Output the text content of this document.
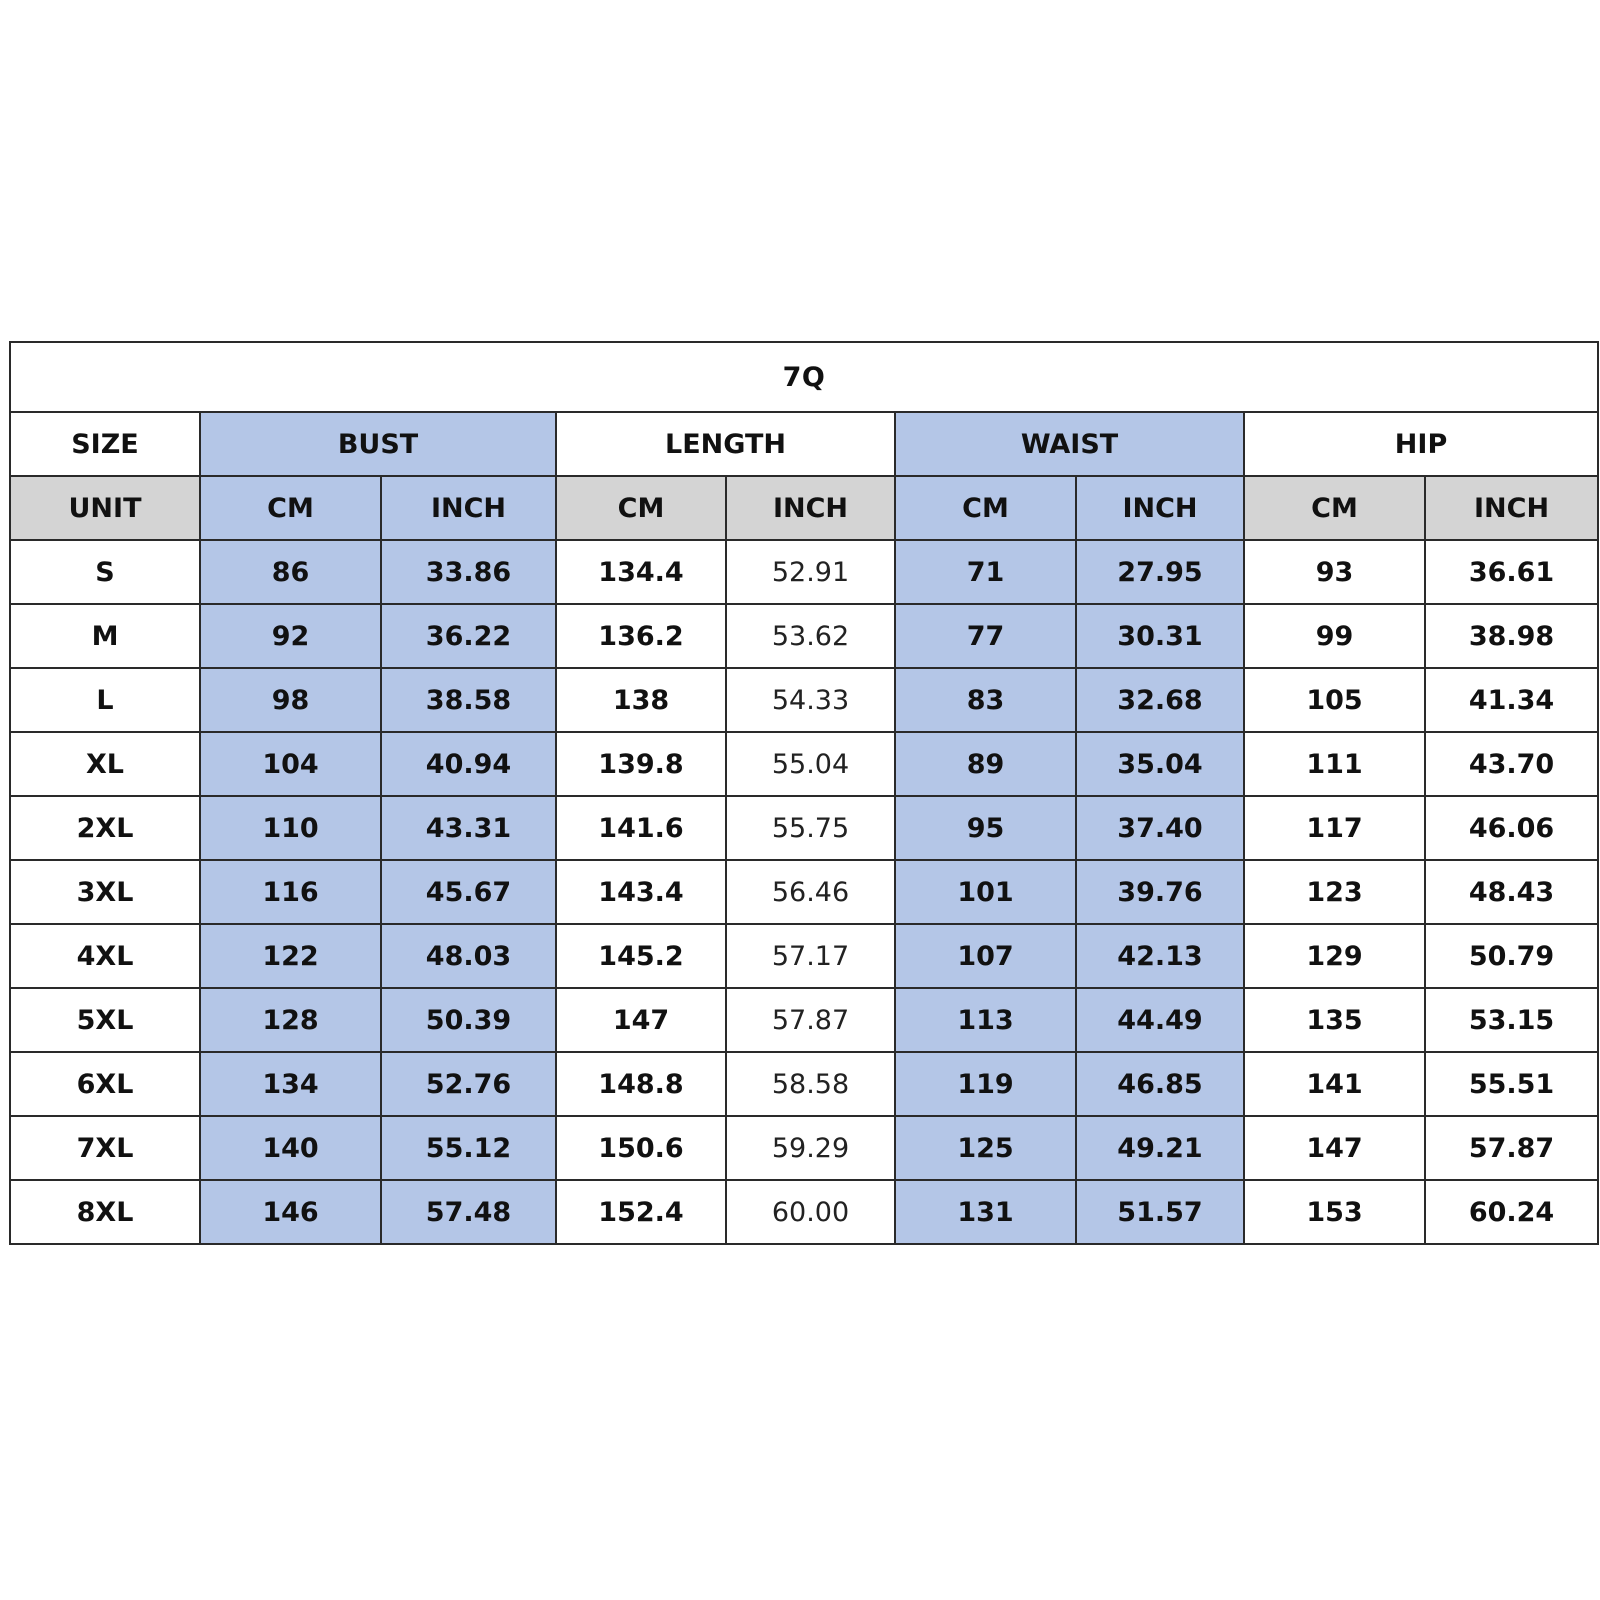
7Q								
SIZE	BUST		LENGTH		WAIST		HIP	
UNIT	CM	INCH	CM	INCH	CM	INCH	CM	INCH
S	86	33.86	134.4	52.91	71	27.95	93	36.61
M	92	36.22	136.2	53.62	77	30.31	99	38.98
L	98	38.58	138	54.33	83	32.68	105	41.34
XL	104	40.94	139.8	55.04	89	35.04	111	43.70
2XL	110	43.31	141.6	55.75	95	37.40	117	46.06
3XL	116	45.67	143.4	56.46	101	39.76	123	48.43
4XL	122	48.03	145.2	57.17	107	42.13	129	50.79
5XL	128	50.39	147	57.87	113	44.49	135	53.15
6XL	134	52.76	148.8	58.58	119	46.85	141	55.51
7XL	140	55.12	150.6	59.29	125	49.21	147	57.87
8XL	146	57.48	152.4	60.00	131	51.57	153	60.24
